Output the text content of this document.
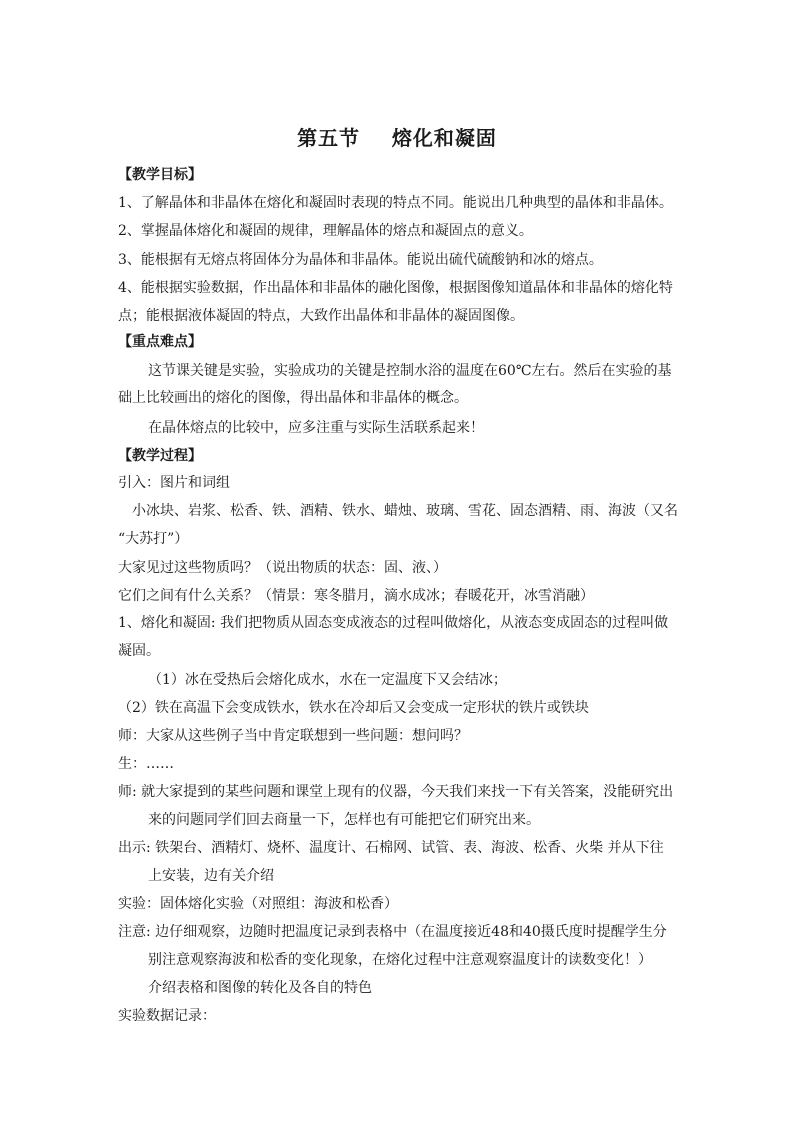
第五节    熔化和凝固
【教学目标】
1、了解晶体和非晶体在熔化和凝固时表现的特点不同。能说出几种典型的晶体和非晶体。
2、掌握晶体熔化和凝固的规律，理解晶体的熔点和凝固点的意义。
3、能根据有无熔点将固体分为晶体和非晶体。能说出硫代硫酸钠和冰的熔点。
4、能根据实验数据，作出晶体和非晶体的融化图像，根据图像知道晶体和非晶体的熔化特
点；能根据液体凝固的特点，大致作出晶体和非晶体的凝固图像。
【重点难点】
这节课关键是实验，实验成功的关键是控制水浴的温度在60℃左右。然后在实验的基
础上比较画出的熔化的图像，得出晶体和非晶体的概念。
在晶体熔点的比较中，应多注重与实际生活联系起来！
【教学过程】
引入：图片和词组
小冰块、岩浆、松香、铁、酒精、铁水、蜡烛、玻璃、雪花、固态酒精、雨、海波（又名
“大苏打”）
大家见过这些物质吗？（说出物质的状态：固、液、）
它们之间有什么关系？（情景：寒冬腊月，滴水成冰；春暖花开，冰雪消融）
1、熔化和凝固: 我们把物质从固态变成液态的过程叫做熔化，从液态变成固态的过程叫做
凝固。
（1）冰在受热后会熔化成水，水在一定温度下又会结冰；
（2）铁在高温下会变成铁水，铁水在冷却后又会变成一定形状的铁片或铁块
师：大家从这些例子当中肯定联想到一些问题：想问吗？
生：……
师: 就大家提到的某些问题和课堂上现有的仪器，今天我们来找一下有关答案，没能研究出
来的问题同学们回去商量一下，怎样也有可能把它们研究出来。
出示: 铁架台、酒精灯、烧杯、温度计、石棉网、试管、表、海波、松香、火柴 并从下往
上安装，边有关介绍
实验：固体熔化实验（对照组：海波和松香）
注意: 边仔细观察，边随时把温度记录到表格中（在温度接近48和40摄氏度时提醒学生分
别注意观察海波和松香的变化现象，在熔化过程中注意观察温度计的读数变化！）
介绍表格和图像的转化及各自的特色
实验数据记录：
